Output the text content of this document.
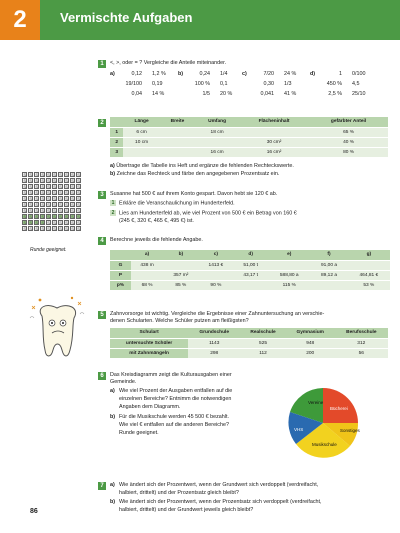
2	Vermischte Aufgaben
1	<, >, oder = ? Vergleiche die Anteile miteinander.
a)	0,12 1,2 %
19/100 0,19
0,04 14 %
b)	0,24 1/4
100 % 0,1
1/5 20 %
c)	7/20 24 %
0,30 1/3
0,041 41 %
d)	1 0/100
450 % 4,5
2,5 % 25/10
2
		Länge	Breite	Umfang	Flächeninhalt	gefärbter Anteil
1	6 cm		18 cm		65 %
2	10 cm			30 cm²	40 %
3			16 cm	16 cm²	80 %
a) Übertrage die Tabelle ins Heft und ergänze die fehlenden Rechteckswerte.
b) Zeichne das Rechteck und färbe den angegebenen Prozentsatz ein.
S S S S S S S S S S
S S S S S S S S S S
S S S S S S S S S S
S S S S S S S S S S
S S S S S S S S S S
S S S S S S S S S S
S S S S S S S S S S
S S S S S S S S S S
S S S S S S S S S S
S S S S S S S S S S
Runde geeignet.
3	Susanne hat 500 € auf ihrem Konto gespart. Davon hebt sie 120 € ab.
1 Erkläre die Veranschaulichung im Hunderterfeld.
2 Lies am Hunderterfeld ab, wie viel Prozent von 500 € ein Betrag von 160 €
(245 €, 320 €, 465 €, 495 €) ist.
4	Berechne jeweils die fehlende Angabe.
	a)	b)	c)	d)	e)	f)	g)
G	438 m		1413 €	51,00 t		91,00 a	
P		357 m²		43,17 t	588,80 a	89,12 a	464,81 €
p%	68 %	85 %	90 %		115 %		53 %
5	Zahnvorsorge ist wichtig. Vergleiche die Ergebnisse einer Zahnuntersuchung an verschie-
denen Schularten. Welche Schüler putzen am fleißigsten?
Schulart	Grundschule	Realschule	Gymnasium	Berufsschule
untersuchte Schüler	1143	525	948	312
mit Zahnmängeln	298	112	200	56
6	Das Kreisdiagramm zeigt die Kulturausgaben einer
Gemeinde.
a) Wie viel Prozent der Ausgaben entfallen auf die
einzelnen Bereiche? Entnimm die notwendigen
Angaben dem Diagramm.
b) Für die Musikschule werden 45 500 € bezahlt.
Wie viel € entfallen auf die anderen Bereiche?
Runde geeignet.
Vereine
Bücherei
VHS	Sonstiges
Musikschule
7	a) Wie ändert sich der Prozentwert, wenn der Grundwert sich verdoppelt (verdreifacht,
halbiert, drittelt) und der Prozentsatz gleich bleibt?
b) Wie ändert sich der Prozentwert, wenn der Prozentsatz sich verdoppelt (verdreifacht,
halbiert, drittelt) und der Grundwert jeweils gleich bleibt?
86
